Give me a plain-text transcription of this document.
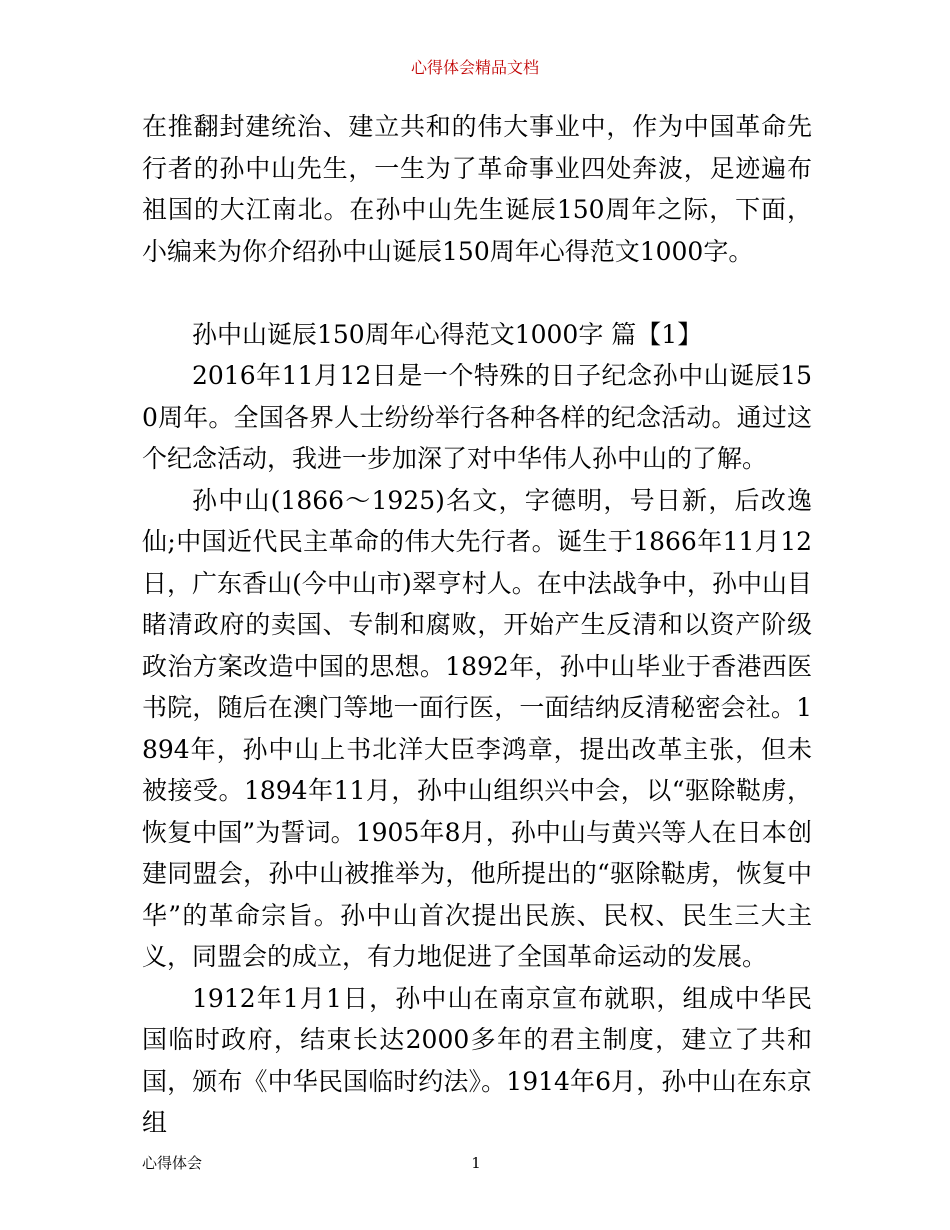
心得体会精品文档

在推翻封建统治、建立共和的伟大事业中，作为中国革命先行者的孙中山先生，一生为了革命事业四处奔波，足迹遍布祖国的大江南北。在孙中山先生诞辰150周年之际，下面，小编来为你介绍孙中山诞辰150周年心得范文1000字。

孙中山诞辰150周年心得范文1000字 篇【1】

2016年11月12日是一个特殊的日子纪念孙中山诞辰150周年。全国各界人士纷纷举行各种各样的纪念活动。通过这个纪念活动，我进一步加深了对中华伟人孙中山的了解。

孙中山(1866～1925)名文，字德明，号日新，后改逸仙;中国近代民主革命的伟大先行者。诞生于1866年11月12日，广东香山(今中山市)翠亨村人。在中法战争中，孙中山目睹清政府的卖国、专制和腐败，开始产生反清和以资产阶级政治方案改造中国的思想。1892年，孙中山毕业于香港西医书院，随后在澳门等地一面行医，一面结纳反清秘密会社。1894年，孙中山上书北洋大臣李鸿章，提出改革主张，但未被接受。1894年11月，孙中山组织兴中会，以“驱除鞑虏，恢复中国”为誓词。1905年8月，孙中山与黄兴等人在日本创建同盟会，孙中山被推举为，他所提出的“驱除鞑虏，恢复中华”的革命宗旨。孙中山首次提出民族、民权、民生三大主义，同盟会的成立，有力地促进了全国革命运动的发展。

1912年1月1日，孙中山在南京宣布就职，组成中华民国临时政府，结束长达2000多年的君主制度，建立了共和国，颁布《中华民国临时约法》。1914年6月，孙中山在东京组

心得体会	1
